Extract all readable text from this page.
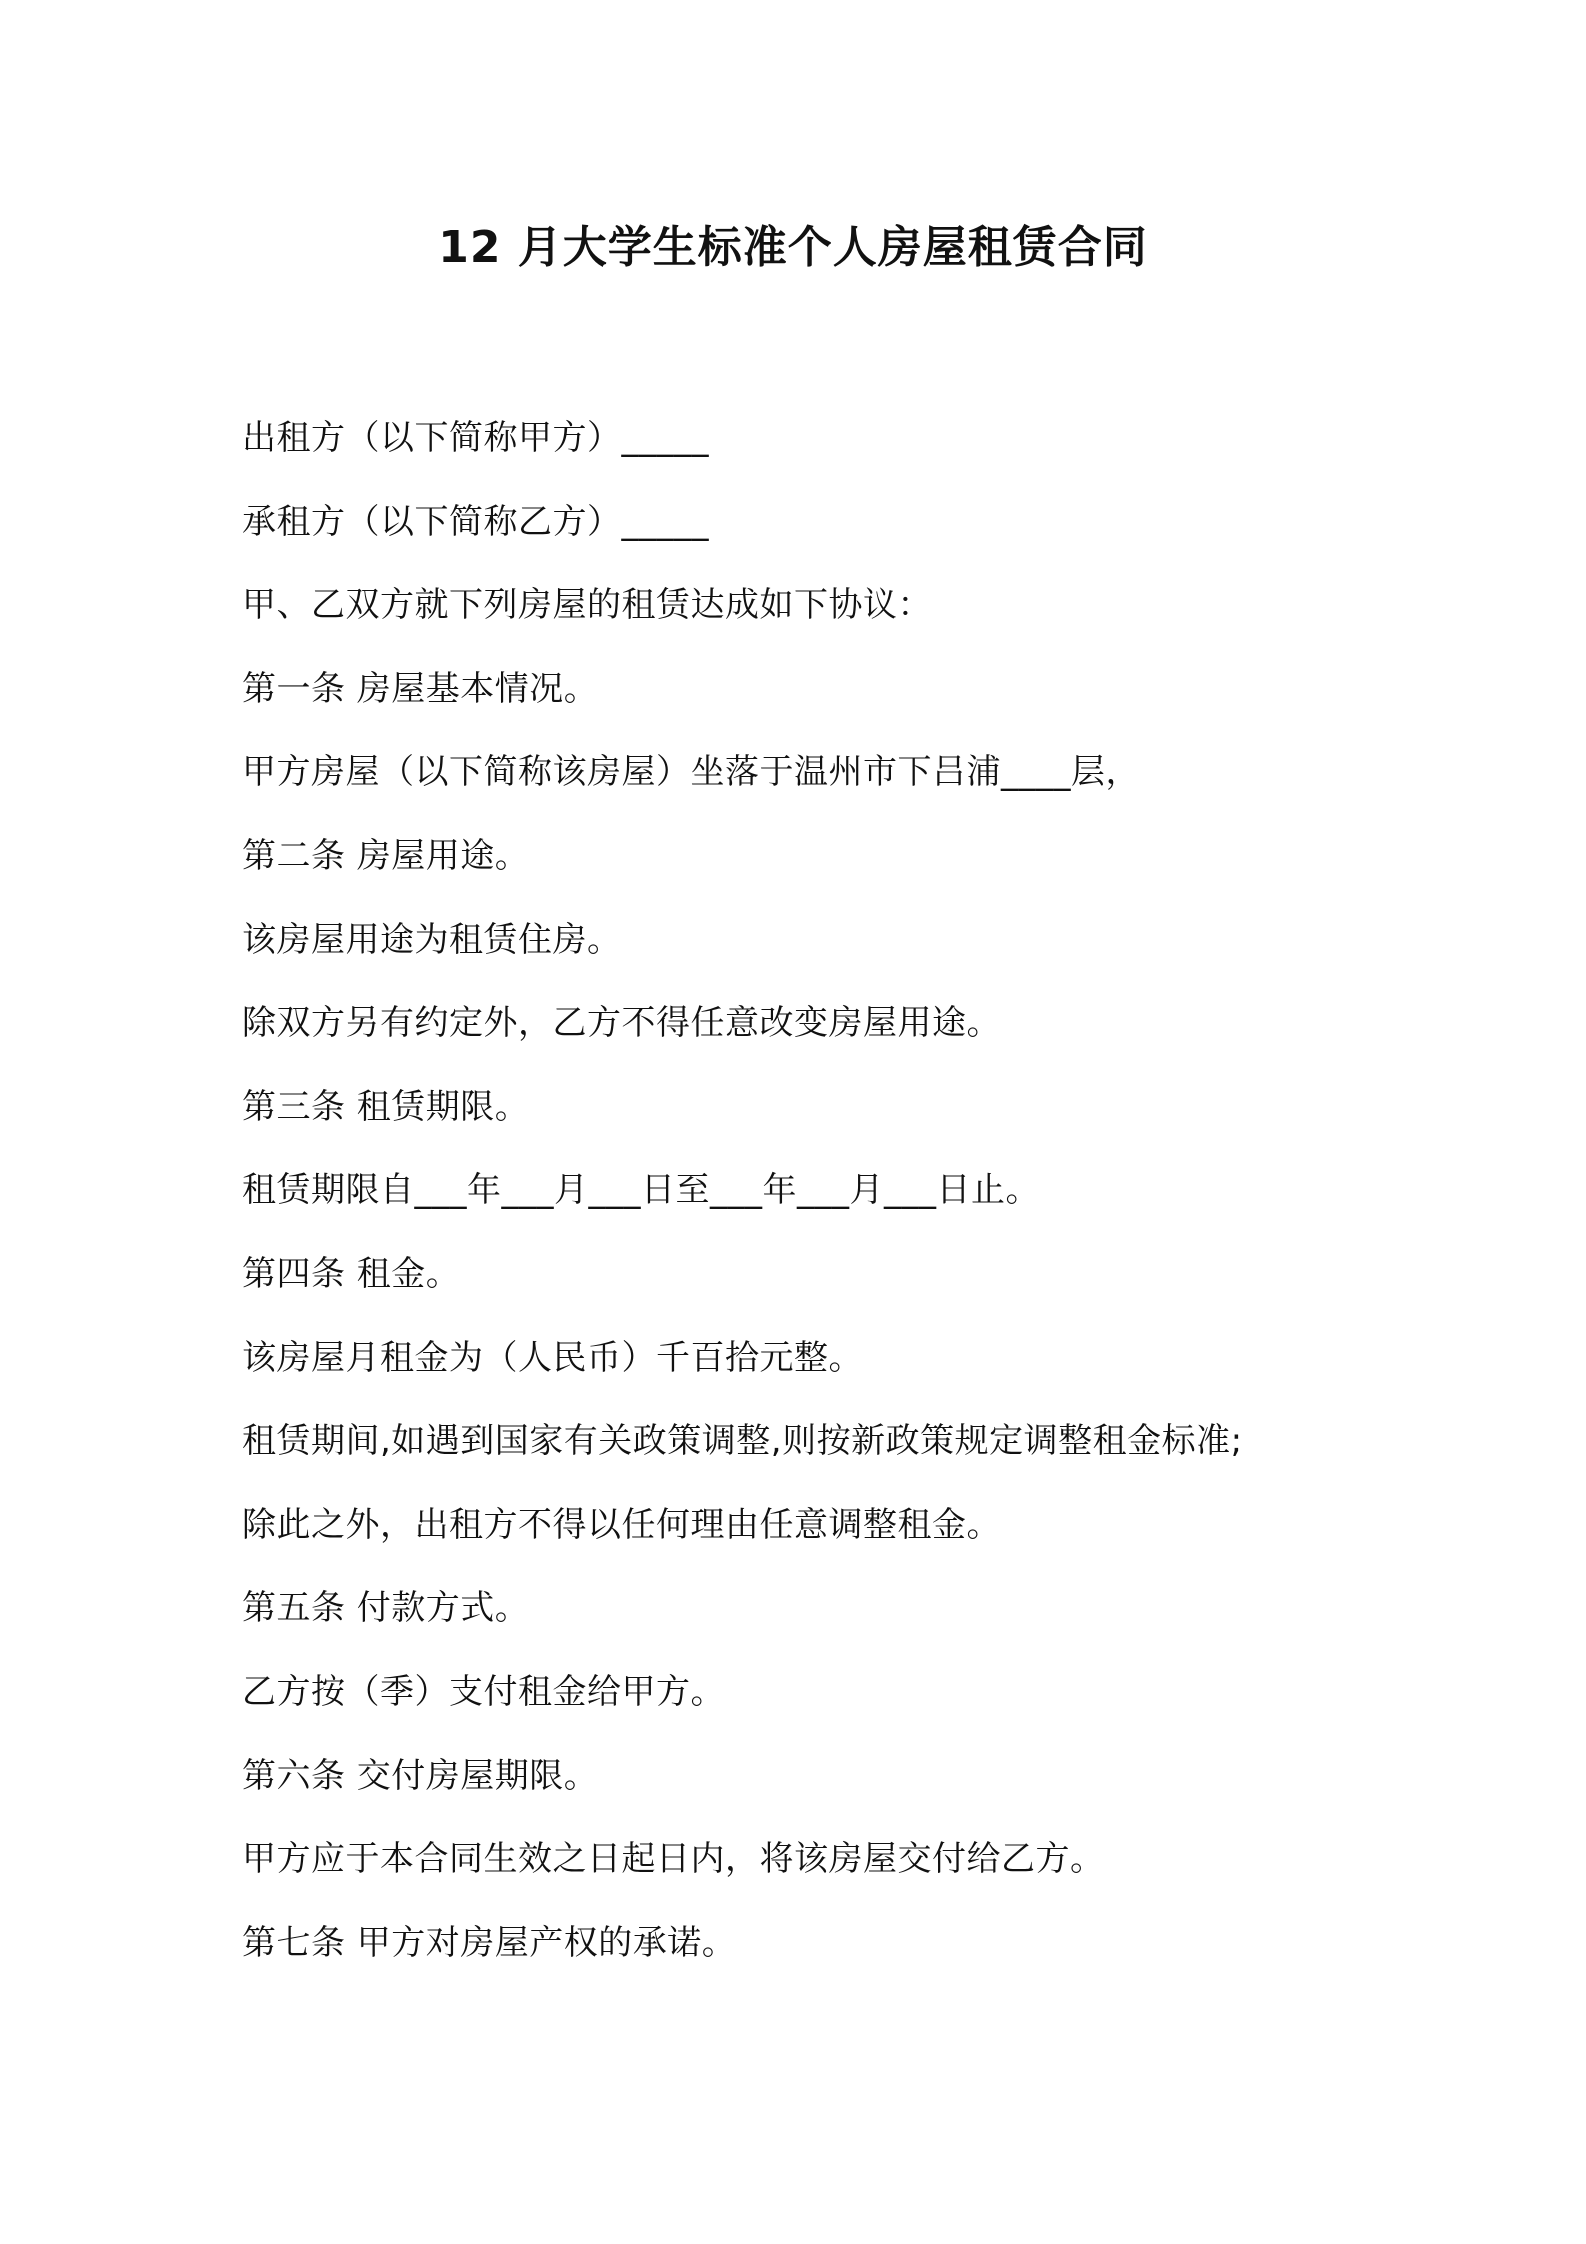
12 月大学生标准个人房屋租赁合同

出租方（以下简称甲方）_____

承租方（以下简称乙方）_____

甲、乙双方就下列房屋的租赁达成如下协议：

第一条 房屋基本情况。

甲方房屋（以下简称该房屋）坐落于温州市下吕浦____层，

第二条 房屋用途。

该房屋用途为租赁住房。

除双方另有约定外，乙方不得任意改变房屋用途。

第三条 租赁期限。

租赁期限自___年___月___日至___年___月___日止。

第四条 租金。

该房屋月租金为（人民币）千百拾元整。

租赁期间,如遇到国家有关政策调整,则按新政策规定调整租金标准;

除此之外，出租方不得以任何理由任意调整租金。

第五条 付款方式。

乙方按（季）支付租金给甲方。

第六条 交付房屋期限。

甲方应于本合同生效之日起日内，将该房屋交付给乙方。

第七条 甲方对房屋产权的承诺。
